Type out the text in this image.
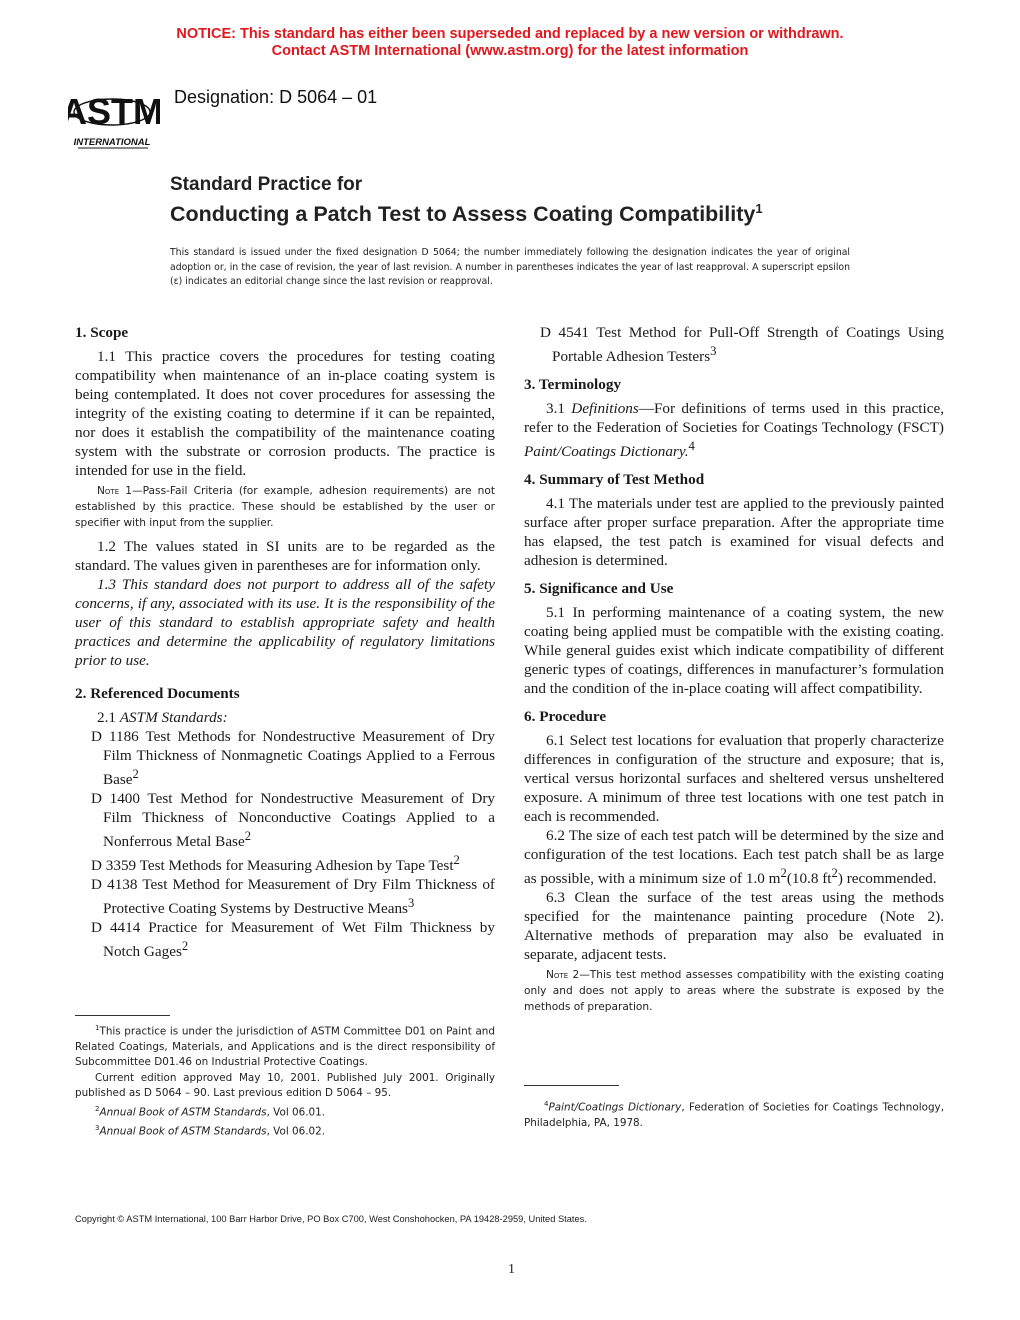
NOTICE: This standard has either been superseded and replaced by a new version or withdrawn.
Contact ASTM International (www.astm.org) for the latest information
ASTM
INTERNATIONAL
Designation: D 5064 – 01
Standard Practice for
Conducting a Patch Test to Assess Coating Compatibility$^1$
This standard is issued under the fixed designation D 5064; the number immediately following the designation indicates the year of original adoption or, in the case of revision, the year of last revision. A number in parentheses indicates the year of last reapproval. A superscript epsilon (ε) indicates an editorial change since the last revision or reapproval.
1. Scope

1.1 This practice covers the procedures for testing coating compatibility when maintenance of an in-place coating system is being contemplated. It does not cover procedures for assessing the integrity of the existing coating to determine if it can be repainted, nor does it establish the compatibility of the maintenance coating system with the substrate or corrosion products. The practice is intended for use in the field.

Note 1—Pass-Fail Criteria (for example, adhesion requirements) are not established by this practice. These should be established by the user or specifier with input from the supplier.

1.2 The values stated in SI units are to be regarded as the standard. The values given in parentheses are for information only.

1.3 This standard does not purport to address all of the safety concerns, if any, associated with its use. It is the responsibility of the user of this standard to establish appropriate safety and health practices and determine the applicability of regulatory limitations prior to use.

2. Referenced Documents

2.1 ASTM Standards:

D 1186 Test Methods for Nondestructive Measurement of Dry Film Thickness of Nonmagnetic Coatings Applied to a Ferrous Base$^2$

D 1400 Test Method for Nondestructive Measurement of Dry Film Thickness of Nonconductive Coatings Applied to a Nonferrous Metal Base$^2$

D 3359 Test Methods for Measuring Adhesion by Tape Test$^2$

D 4138 Test Method for Measurement of Dry Film Thickness of Protective Coating Systems by Destructive Means$^3$

D 4414 Practice for Measurement of Wet Film Thickness by Notch Gages$^2$

$^1$This practice is under the jurisdiction of ASTM Committee D01 on Paint and Related Coatings, Materials, and Applications and is the direct responsibility of Subcommittee D01.46 on Industrial Protective Coatings.

Current edition approved May 10, 2001. Published July 2001. Originally published as D 5064 – 90. Last previous edition D 5064 – 95.

$^2$Annual Book of ASTM Standards, Vol 06.01.

$^3$Annual Book of ASTM Standards, Vol 06.02.

D 4541 Test Method for Pull-Off Strength of Coatings Using Portable Adhesion Testers$^3$

3. Terminology

3.1 Definitions—For definitions of terms used in this practice, refer to the Federation of Societies for Coatings Technology (FSCT) Paint/Coatings Dictionary.$^4$

4. Summary of Test Method

4.1 The materials under test are applied to the previously painted surface after proper surface preparation. After the appropriate time has elapsed, the test patch is examined for visual defects and adhesion is determined.

5. Significance and Use

5.1 In performing maintenance of a coating system, the new coating being applied must be compatible with the existing coating. While general guides exist which indicate compatibility of different generic types of coatings, differences in manufacturer’s formulation and the condition of the in-place coating will affect compatibility.

6. Procedure

6.1 Select test locations for evaluation that properly characterize differences in configuration of the structure and exposure; that is, vertical versus horizontal surfaces and sheltered versus unsheltered exposure. A minimum of three test locations with one test patch in each is recommended.

6.2 The size of each test patch will be determined by the size and configuration of the test locations. Each test patch shall be as large as possible, with a minimum size of 1.0 $m^2(10.8$ $ft^2$) recommended.

6.3 Clean the surface of the test areas using the methods specified for the maintenance painting procedure (Note 2). Alternative methods of preparation may also be evaluated in separate, adjacent tests.

Note 2—This test method assesses compatibility with the existing coating only and does not apply to areas where the substrate is exposed by the methods of preparation.

$^4$Paint/Coatings Dictionary, Federation of Societies for Coatings Technology, Philadelphia, PA, 1978.

Copyright © ASTM International, 100 Barr Harbor Drive, PO Box C700, West Conshohocken, PA 19428-2959, United States.
1
